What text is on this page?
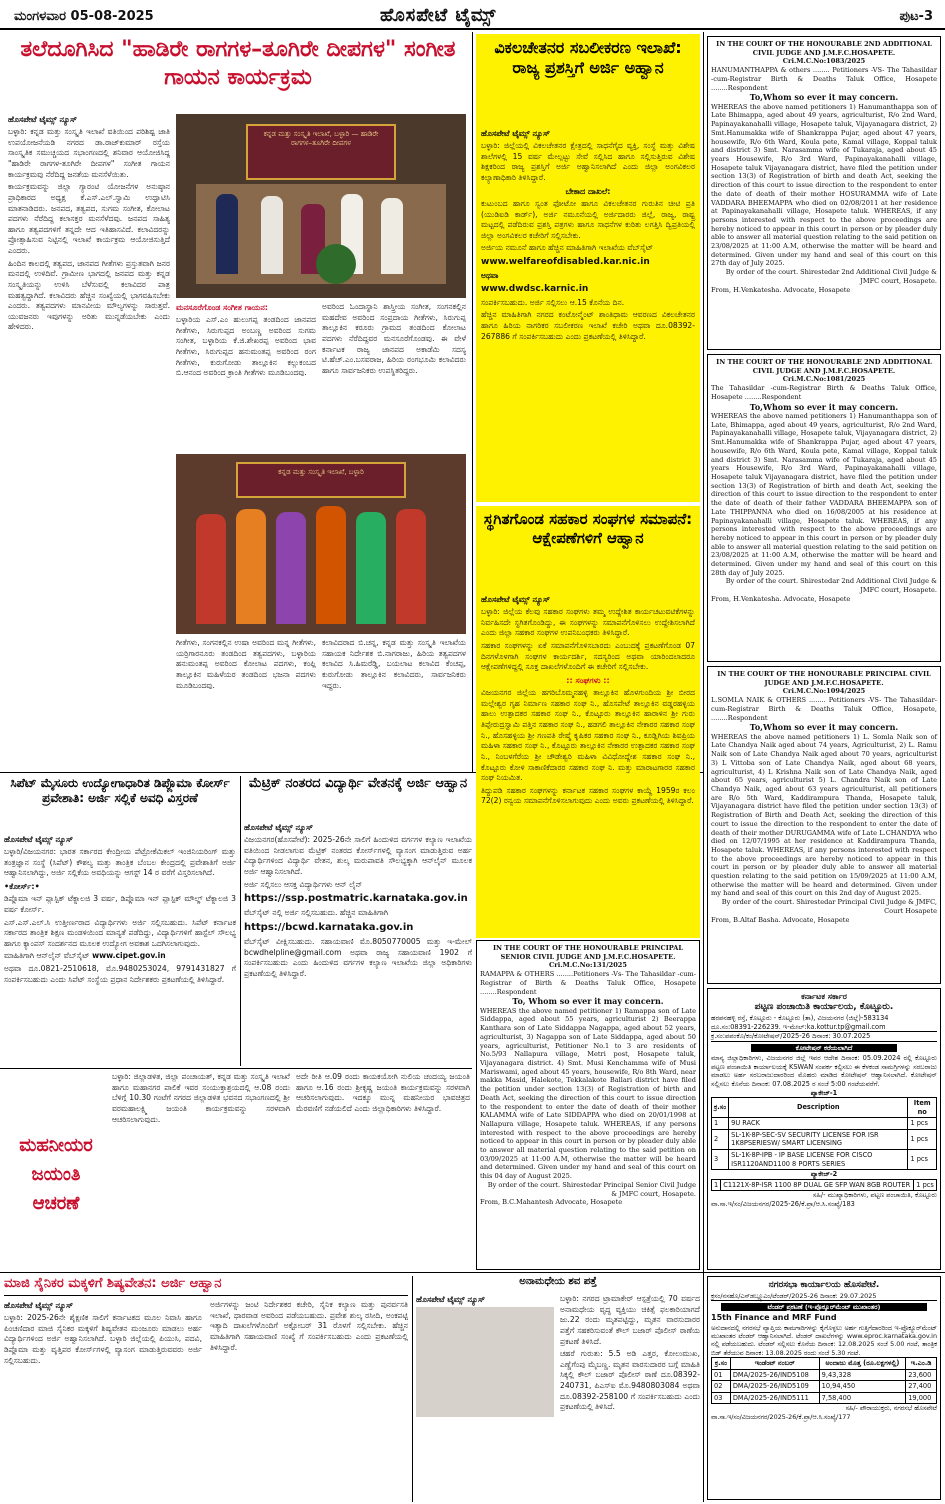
ಮಂಗಳವಾರ 05-08-2025	ಹೊಸಪೇಟೆ ಟೈಮ್ಸ್	ಪುಟ-3
ತಲೆದೂಗಿಸಿದ "ಹಾಡಿರೇ ರಾಗಗಳ–ತೂಗಿರೇ ದೀಪಗಳ" ಸಂಗೀತ ಗಾಯನ ಕಾರ್ಯಕ್ರಮ

ಹೊಸಪೇಟೆ ಟೈಮ್ಸ್ ನ್ಯೂಸ್

ಬಳ್ಳಾರಿ: ಕನ್ನಡ ಮತ್ತು ಸಂಸ್ಕೃತಿ ಇಲಾಖೆ ವತಿಯಿಂದ ಪರಿಶಿಷ್ಟ ಜಾತಿ ಉಪಯೋಜನೆಯಡಿ ನಗರದ ಡಾ.ರಾಜ್‌ಕುಮಾರ್ ರಸ್ತೆಯ ಸಾಂಸ್ಕೃತಿಕ ಸಮುಚ್ಚಯದ ಸಭಾಂಗಣದಲ್ಲಿ ಶನಿವಾರ ಆಯೋಜಿಸಿದ್ದ "ಹಾಡಿರೇ ರಾಗಗಳ-ತೂಗಿರೇ ದೀಪಗಳ" ಸಂಗೀತ ಗಾಯನ ಕಾರ್ಯಕ್ರಮವು ನೆರೆದಿದ್ದ ಜನತೆಯ ಮನಸೆಳೆಯಿತು.

ಕಾರ್ಯಕ್ರಮವನ್ನು ಜಿಲ್ಲಾ ಗ್ಯಾರಂಟಿ ಯೋಜನೆಗಳ ಅನುಷ್ಠಾನ ಪ್ರಾಧಿಕಾರದ ಅಧ್ಯಕ್ಷ ಕೆ.ಎಸ್.ಎಲ್.ಸ್ವಾಮಿ ಉದ್ಘಾಟಿಸಿ ಮಾತನಾಡಿದರು. ಜನಪದ, ತತ್ವಪದ, ಸುಗಮ ಸಂಗೀತ, ಕೋಲಾಟ ಪದಗಳು ನೆರೆದಿದ್ದ ಕಲಾಸಕ್ತರ ಮನಸೆಳೆದವು. ಜನಪದ ಸಾಹಿತ್ಯ ಹಾಗೂ ತತ್ವಪದಗಳಿಗೆ ತನ್ನದೇ ಆದ ಇತಿಹಾಸವಿದೆ. ಕಲಾವಿದರನ್ನು ಪ್ರೋತ್ಸಾಹಿಸುವ ನಿಟ್ಟಿನಲ್ಲಿ ಇಲಾಖೆ ಕಾರ್ಯಕ್ರಮ ಆಯೋಜಿಸುತ್ತಿದೆ ಎಂದರು.

ಹಿಂದಿನ ಕಾಲದಲ್ಲಿ ತತ್ವಪದ, ಜಾನಪದ ಗೀತೆಗಳು ಪ್ರಸ್ತುತವಾಗಿ ಜನರ ಮನದಲ್ಲಿ ಉಳಿದಿವೆ. ಗ್ರಾಮೀಣ ಭಾಗದಲ್ಲಿ ಜನಪದ ಮತ್ತು ಕನ್ನಡ ಸಂಸ್ಕೃತಿಯನ್ನು ಉಳಿಸಿ ಬೆಳೆಸುವಲ್ಲಿ ಕಲಾವಿದರ ಪಾತ್ರ ಮಹತ್ವದ್ದಾಗಿದೆ. ಕಲಾವಿದರು ಹೆಚ್ಚಿನ ಸಂಖ್ಯೆಯಲ್ಲಿ ಭಾಗವಹಿಸಬೇಕು ಎಂದರು. ತತ್ವಪದಗಳು ಮಾನವೀಯ ಮೌಲ್ಯಗಳನ್ನು ಸಾರುತ್ತವೆ. ಯುವಜನರು ಇವುಗಳನ್ನು ಅರಿತು ಮುನ್ನಡೆಯಬೇಕು ಎಂದು ಹೇಳಿದರು.

ಕನ್ನಡ ಮತ್ತು ಸಂಸ್ಕೃತಿ ಇಲಾಖೆ, ಬಳ್ಳಾರಿ — ಹಾಡಿರೇ ರಾಗಗಳ–ತೂಗಿರೇ ದೀಪಗಳ

ಮನಸೂರೆಗೊಂಡ ಸಂಗೀತ ಗಾಯನ:

ಬಳ್ಳಾರಿಯ ಎಸ್.ಎಂ ಹುಲುಗಪ್ಪ ತಂಡದಿಂದ ಜಾನಪದ ಗೀತೆಗಳು, ಸಿರುಗುಪ್ಪದ ಅಂಬಣ್ಣ ಅವರಿಂದ ಸುಗಮ ಸಂಗೀತ, ಬಳ್ಳಾರಿಯ ಕೆ.ಜಿ.ಶೇಖರಪ್ಪ ಅವರಿಂದ ಭಾವ ಗೀತೆಗಳು, ಸಿರುಗುಪ್ಪದ ಹನುಮಂತಪ್ಪ ಅವರಿಂದ ರಂಗ ಗೀತೆಗಳು, ಕುರುಗೋಡು ತಾಲ್ಲೂಕಿನ ಕಲ್ಲುಕಂಬದ ಬಿ.ಆನಂದ ಅವರಿಂದ ಕ್ರಾಂತಿ ಗೀತೆಗಳು ಮೂಡಿಬಂದವು.

ಅವರಿಂದ ಓಂದಾಸ್ಥಾನಿ ಶಾಸ್ತ್ರೀಯ ಸಂಗೀತ, ಸಂಗನಕಲ್ಲಿನ ಮಹದೇವ ಅವರಿಂದ ಸಂಪ್ರದಾಯ ಗೀತೆಗಳು, ಸಿರುಗುಪ್ಪ ತಾಲ್ಲೂಕಿನ ಕರೂರು ಗ್ರಾಮದ ತಂಡದಿಂದ ಕೋಲಾಟ ಪದಗಳು ನೆರೆದಿದ್ದವರ ಮನಸೂರೆಗೊಂಡವು. ಈ ವೇಳೆ ಕರ್ನಾಟಕ ರಾಜ್ಯ ಜಾನಪದ ಅಕಾಡೆಮಿ ಸದಸ್ಯ ಟಿ.ಹೆಚ್.ಎಂ.ಬಸವರಾಜ, ಹಿರಿಯ ರಂಗಭೂಮಿ ಕಲಾವಿದರು ಹಾಗೂ ಸಾರ್ವಜನಿಕರು ಉಪಸ್ಥಿತರಿದ್ದರು.

ಕನ್ನಡ ಮತ್ತು ಸಂಸ್ಕೃತಿ ಇಲಾಖೆ, ಬಳ್ಳಾರಿ

ಗೀತೆಗಳು, ಸಂಗನಕಲ್ಲಿನ ಉಷಾ ಅವರಿಂದ ಮನ್ನ ಗೀತೆಗಳು, ಯರ್ರಿಗಾರನೂರು ತಂಡದಿಂದ ತತ್ವಪದಗಳು, ಬಳ್ಳಾರಿಯ ಹನುಮಂತಪ್ಪ ಅವರಿಂದ ಕೋಲಾಟ ಪದಗಳು, ಕಂಪ್ಲಿ ತಾಲ್ಲೂಕಿನ ಮಹಿಳೆಯರ ತಂಡದಿಂದ ಭಜನಾ ಪದಗಳು ಮೂಡಿಬಂದವು.

ಕಲಾವಿದರಾದ ಬಿ.ಚನ್ನ, ಕನ್ನಡ ಮತ್ತು ಸಂಸ್ಕೃತಿ ಇಲಾಖೆಯ ಸಹಾಯಕ ನಿರ್ದೇಶಕ ಬಿ.ನಾಗರಾಜು, ಹಿರಿಯ ತತ್ವಪದಗಳ ಕಲಾವಿದ ಸಿ.ಹಿಮರೆಡ್ಡಿ, ಬಯಲಾಟ ಕಲಾವಿದ ಕೆಂಚಪ್ಪ, ಕುರುಗೋಡು ತಾಲ್ಲೂಕಿನ ಕಲಾವಿದರು, ಸಾರ್ವಜನಿಕರು ಇದ್ದರು.

ವಿಕಲಚೇತನರ ಸಬಲೀಕರಣ ಇಲಾಖೆ: ರಾಜ್ಯ ಪ್ರಶಸ್ತಿಗೆ ಅರ್ಜಿ ಅಹ್ವಾನ

ಹೊಸಪೇಟೆ ಟೈಮ್ಸ್ ನ್ಯೂಸ್

ಬಳ್ಳಾರಿ: ಜಿಲ್ಲೆಯಲ್ಲಿ ವಿಕಲಚೇತನರ ಕ್ಷೇತ್ರದಲ್ಲಿ ಸಾಧನೆಗೈದ ವ್ಯಕ್ತಿ, ಸಂಸ್ಥೆ ಮತ್ತು ವಿಶೇಷ ಶಾಲೆಗಳಲ್ಲಿ 15 ವರ್ಷ ಮೇಲ್ಪಟ್ಟು ಸೇವೆ ಸಲ್ಲಿಸಿದ ಹಾಗೂ ಸಲ್ಲಿಸುತ್ತಿರುವ ವಿಶೇಷ ಶಿಕ್ಷಕರಿಂದ ರಾಜ್ಯ ಪ್ರಶಸ್ತಿಗೆ ಅರ್ಜಿ ಅಹ್ವಾನಿಸಲಾಗಿದೆ ಎಂದು ಜಿಲ್ಲಾ ಅಂಗವಿಕಲರ ಕಲ್ಯಾಣಾಧಿಕಾರಿ ತಿಳಿಸಿದ್ದಾರೆ.

ಬೇಕಾದ ದಾಖಲೆ:

ಕುಟುಂಬದ ಹಾಗೂ ಸ್ವಂತ ಫೋಟೋ ಹಾಗೂ ವಿಕಲಚೇತನರ ಗುರುತಿನ ಚೀಟಿ ಪ್ರತಿ (ಯುಡಿಐಡಿ ಕಾರ್ಡ್), ಅರ್ಜಿ ನಮೂನೆಯಲ್ಲಿ ಅರ್ಜಿದಾರರು ಜಿಲ್ಲೆ, ರಾಜ್ಯ, ರಾಷ್ಟ್ರ ಮಟ್ಟದಲ್ಲಿ ಪಡೆದಿರುವ ಪ್ರಶಸ್ತಿ ಪತ್ರಗಳು ಹಾಗೂ ಸಾಧನೆಗಳ ಕುರಿತು ಲಗತ್ತಿಸಿ ದ್ವಿಪ್ರತಿಯಲ್ಲಿ ಜಿಲ್ಲಾ ಅಂಗವಿಕಲರ ಕಚೇರಿಗೆ ಸಲ್ಲಿಸಬೇಕು.

ಅರ್ಜಿಯ ನಮೂನೆ ಹಾಗೂ ಹೆಚ್ಚಿನ ಮಾಹಿತಿಗಾಗಿ ಇಲಾಖೆಯ ವೆಬ್‌ಸೈಟ್

www.welfareofdisabled.kar.nic.in

ಅಥವಾ

www.dwdsc.karnic.in

ಸಂಪರ್ಕಿಸಬಹುದು. ಅರ್ಜಿ ಸಲ್ಲಿಸಲು ಆ.15 ಕೊನೆಯ ದಿನ.

ಹೆಚ್ಚಿನ ಮಾಹಿತಿಗಾಗಿ ನಗರದ ಕಂಟೋನ್ಮೆಂಟ್ ಶಾಂತಿಧಾಮ ಆವರಣದ ವಿಕಲಚೇತನರ ಹಾಗೂ ಹಿರಿಯ ನಾಗರಿಕರ ಸಬಲೀಕರಣ ಇಲಾಖೆ ಕಚೇರಿ ಅಥವಾ ದೂ.08392-267886 ಗೆ ಸಂಪರ್ಕಿಸಬಹುದು ಎಂದು ಪ್ರಕಟಣೆಯಲ್ಲಿ ತಿಳಿಸಿದ್ದಾರೆ.

ಸ್ಥಗಿತಗೊಂಡ ಸಹಕಾರ ಸಂಘಗಳ ಸಮಾಪನೆ: ಆಕ್ಷೇಪಣೆಗಳಿಗೆ ಆಹ್ವಾನ

ಹೊಸಪೇಟೆ ಟೈಮ್ಸ್ ನ್ಯೂಸ್

ಬಳ್ಳಾರಿ: ಜಿಲ್ಲೆಯ ಕೆಲವು ಸಹಕಾರ ಸಂಘಗಳು ತಮ್ಮ ಉದ್ದೇಶಿತ ಕಾರ್ಯಚಟುವಟಿಕೆಗಳನ್ನು ನಿರ್ವಹಿಸದೇ ಸ್ಥಗಿತಗೊಂಡಿದ್ದು, ಈ ಸಂಘಗಳನ್ನು ಸಮಾಪನೆಗೊಳಿಸಲು ಉದ್ದೇಶಿಸಲಾಗಿದೆ ಎಂದು ಜಿಲ್ಲಾ ಸಹಕಾರ ಸಂಘಗಳ ಉಪನಿಬಂಧಕರು ತಿಳಿಸಿದ್ದಾರೆ.

ಸಹಕಾರ ಸಂಘಗಳನ್ನು ಏಕೆ ಸಮಾಪನೆಗೊಳಿಸಬಾರದು ಎಂಬುದಕ್ಕೆ ಪ್ರಕಟಣೆಗೊಂಡ 07 ದಿನಗಳೊಳಗಾಗಿ ಸಂಘಗಳ ಕಾರ್ಯದರ್ಶಿ, ಸದಸ್ಯರಿಂದ ಅಥವಾ ಯಾರಿಂದಲಾದರೂ ಆಕ್ಷೇಪಣೆಗಳಿದ್ದಲ್ಲಿ ಸೂಕ್ತ ದಾಖಲೆಗಳೊಂದಿಗೆ ಈ ಕಚೇರಿಗೆ ಸಲ್ಲಿಸಬೇಕು.

:: ಸಂಘಗಳು ::

ವಿಜಯನಗರ ಜಿಲ್ಲೆಯ ಹಗರಿಬೊಮ್ಮನಹಳ್ಳಿ ತಾಲ್ಲೂಕಿನ ಹೊಳಗುಂದಿಯ ಶ್ರೀ ಬೀರದ ಮಲ್ಲೇಶ್ವರ ಗೃಹ ನಿರ್ಮಾಣ ಸಹಕಾರ ಸಂಘ ನಿ., ಹೊಸಪೇಟೆ ತಾಲ್ಲೂಕಿನ ವಡ್ಡರಹಳ್ಳಿಯ ಹಾಲು ಉತ್ಪಾದಕರ ಸಹಕಾರ ಸಂಘ ನಿ., ಕೊಟ್ಟೂರು ತಾಲ್ಲೂಕಿನ ಹಾರಾಳಿನ ಶ್ರೀ ಗುರು ತಿಪ್ಪೇರುದ್ರಸ್ವಾಮಿ ಪತ್ತಿನ ಸಹಕಾರ ಸಂಘ ನಿ., ಹಡಗಲಿ ತಾಲ್ಲೂಕಿನ ನೇಕಾರರ ಸಹಕಾರ ಸಂಘ ನಿ., ಹೊಸಹಳ್ಳಿಯ ಶ್ರೀ ಗಣಪತಿ ರೇಷ್ಮೆ ಕೃಷಿಕರ ಸಹಕಾರ ಸಂಘ ನಿ., ಕೂಡ್ಲಿಗಿಯ ಶಿವಪ್ರಿಯ ಮಹಿಳಾ ಸಹಕಾರ ಸಂಘ ನಿ., ಕೊಟ್ಟೂರು ತಾಲ್ಲೂಕಿನ ನೇಕಾರರ ಉತ್ಪಾದಕರ ಸಹಕಾರ ಸಂಘ ನಿ., ನಿಂಬಳಗೆರೆಯ ಶ್ರೀ ಚೌಡೇಶ್ವರಿ ಮಹಿಳಾ ವಿವಿಧೋದ್ದೇಶ ಸಹಕಾರ ಸಂಘ ನಿ., ಕೊಟ್ಟೂರು ಕೋಳಿ ಸಾಕಾಣಿಕೆದಾರರ ಸಹಕಾರ ಸಂಘ ನಿ. ಮತ್ತು ಮಾರಾಟಗಾರರ ಸಹಕಾರ ಸಂಘ ನಿಯಮಿತ.

ತಿದ್ದುಪಡಿ ಸಹಕಾರ ಸಂಘಗಳನ್ನು ಕರ್ನಾಟಕ ಸಹಕಾರ ಸಂಘಗಳ ಕಾಯ್ದೆ 1959ರ ಕಲಂ 72(2) ರನ್ವಯ ಸಮಾಪನೆಗೊಳಿಸಲಾಗುವುದು ಎಂದು ಅವರು ಪ್ರಕಟಣೆಯಲ್ಲಿ ತಿಳಿಸಿದ್ದಾರೆ.

IN THE COURT OF THE HONOURABLE 2ND ADDITIONAL CIVIL JUDGE AND J.M.F.C.HOSAPETE.

Cri.M.C.No:1083/2025

HANUMANTHAPPA & others ........ Petitioners -VS- The Tahasildar -cum-Registrar Birth & Deaths Taluk Office, Hosapete ........Respondent

To,Whom so ever it may concern.

WHEREAS the above named petitioners 1) Hanumanthappa son of Late Bhimappa, aged about 49 years, agriculturist, R/o 2nd Ward, Papinayakanahalli village, Hosapete taluk, Vijayanagara district, 2) Smt.Hanumakka wife of Shankrappa Pujar, aged about 47 years, housewife, R/o 6th Ward, Koula pete, Kamal village, Koppal taluk and district 3) Smt. Narasamma wife of Tukaraja, aged about 45 years Housewife, R/o 3rd Ward, Papinayakanahalli village, Hosapete taluk Vijayanagara district, have filed the petition under section 13(3) of Registration of birth and death Act, seeking the direction of this court to issue direction to the respondent to enter the date of death of their mother HOSURAMMA wife of Late VADDARA BHEEMAPPA who died on 02/08/2011 at her residence at Papinayakanahalli village, Hosapete taluk. WHEREAS, if any persons interested with respect to the above proceedings are hereby noticed to appear in this court in person or by pleader duly able to answer all material question relating to the said petition on 23/08/2025 at 11:00 A.M, otherwise the matter will be heard and determined. Given under my hand and seal of this court on this 27th day of July 2025.

By order of the court. Shirestedar 2nd Additional Civil Judge & JMFC court, Hosapete.

From, H.Venkatesha. Advocate, Hosapete

IN THE COURT OF THE HONOURABLE 2ND ADDITIONAL CIVIL JUDGE AND J.M.F.C.HOSAPETE.

Cri.M.C.No:1081/2025

The Tahasildar -cum-Registrar Birth & Deaths Taluk Office, Hosapete ........Respondent

To,Whom so ever it may concern.

WHEREAS the above named petitioners 1) Hanumanthappa son of Late, Bhimappa, aged about 49 years, agriculturist, R/o 2nd Ward, Papinayakanahalli village, Hosapete taluk, Vijayanagara district, 2) Smt.Hanumakka wife of Shankrappa Pujar, aged about 47 years, housewife, R/o 6th Ward, Koula pete, Kamal village, Koppal taluk and district 3) Smt. Narasamma wife of Tukaraja, aged about 45 years Housewife, R/o 3rd Ward, Papinayakanahalli village, Hosapete taluk Vijayanagara district, have filed the petition under section 13(3) of Registration of birth and death Act, seeking the direction of this court to issue direction to the respondent to enter the date of death of their father VADDARA BHEEMAPPA son of Late THIPPANNA who died on 16/08/2005 at his residence at Papinayakanahalli village, Hosapete taluk. WHEREAS, if any persons interested with respect to the above proceedings are hereby noticed to appear in this court in person or by pleader duly able to answer all material question relating to the said petition on 23/08/2025 at 11:00 A.M, otherwise the matter will be heard and determined. Given under my hand and seal of this court on this 28th day of July 2025.

By order of the court. Shirestedar 2nd Additional Civil Judge & JMFC court, Hosapete.

From, H.Venkatesha. Advocate, Hosapete

IN THE COURT OF THE HONOURABLE PRINCIPAL CIVIL JUDGE AND J.M.F.C.HOSAPETE.

Cri.M.C.No:1094/2025

L.SOMLA NAIK & OTHERS ........ Petitioners -VS- The Tahasildar-cum-Registrar Birth & Deaths Taluk Office, Hosapete, ........Respondent

To,Whom so ever it may concern.

WHEREAS the above named petitioners 1) L. Somla Naik son of Late Chandya Naik aged about 74 years, Agriculturist, 2) L. Ramu Naik son of Late Chandya Naik aged about 70 years, agriculturist 3) L Vittoba son of Late Chandya Naik, aged about 68 years, agriculturist, 4) L Krishna Naik son of Late Chandya Naik, aged about 65 years, agriculturist 5) L. Chandra Naik son of Late Chandya Naik, aged about 63 years agriculturist, all petitioners are R/o 5th Ward, Kaddirampura Thanda, Hosapete taluk, Vijayanagara district have filed the petition under section 13(3) of Registration of Birth and Death Act, seeking the direction of this court to issue the direction to the respondent to enter the date of death of their mother DURUGAMMA wife of Late L.CHANDYA who died on 12/07/1995 at her residence at Kaddirampura Thanda, Hosapete taluk. WHEREAS, if any persons interested with respect to the above proceedings are hereby noticed to appear in this court in person or by pleader duly able to answer all material question relating to the said petition on 15/09/2025 at 11:00 A.M, otherwise the matter will be heard and determined. Given under my hand and seal of this court on this 2nd day of August 2025.

By order of the court. Shirestedar Principal Civil Judge & JMFC, Court Hosapete

From, B.Altaf Basha. Advocate, Hosapete

ಸಿಪೆಟ್ ಮೈಸೂರು ಉದ್ಯೋಗಾಧಾರಿತ ಡಿಪ್ಲೊಮಾ ಕೋರ್ಸ್ ಪ್ರವೇಶಾತಿ: ಅರ್ಜಿ ಸಲ್ಲಿಕೆ ಅವಧಿ ವಿಸ್ತರಣೆ

ಹೊಸಪೇಟೆ ಟೈಮ್ಸ್ ನ್ಯೂಸ್

ಬಳ್ಳಾರಿ/ವಿಜಯನಗರ: ಭಾರತ ಸರ್ಕಾರದ ಕೇಂದ್ರೀಯ ಪೆಟ್ರೋಕೆಮಿಕಲ್ ಇಂಜಿನಿಯರಿಂಗ್ ಮತ್ತು ತಂತ್ರಜ್ಞಾನ ಸಂಸ್ಥೆ (ಸಿಪೆಟ್) ಕೌಶಲ್ಯ ಮತ್ತು ತಾಂತ್ರಿಕ ಬೆಂಬಲ ಕೇಂದ್ರದಲ್ಲಿ ಪ್ರವೇಶಾತಿಗೆ ಅರ್ಜಿ ಆಹ್ವಾನಿಸಲಾಗಿದ್ದು, ಅರ್ಜಿ ಸಲ್ಲಿಕೆಯ ಅವಧಿಯನ್ನು ಆಗಸ್ಟ್ 14 ರ ವರೆಗೆ ವಿಸ್ತರಿಸಲಾಗಿದೆ.

•ಕೋರ್ಸ್:•

ಡಿಪ್ಲೊಮಾ ಇನ್ ಪ್ಲಾಸ್ಟಿಕ್ ಟೆಕ್ನಾಲಜಿ 3 ವರ್ಷ, ಡಿಪ್ಲೊಮಾ ಇನ್ ಪ್ಲಾಸ್ಟಿಕ್ ಮೌಲ್ಡ್ ಟೆಕ್ನಾಲಜಿ 3 ವರ್ಷ ಕೋರ್ಸ್.

ಎಸ್.ಎಸ್.ಎಲ್.ಸಿ ಉತ್ತೀರ್ಣರಾದ ವಿದ್ಯಾರ್ಥಿಗಳು ಅರ್ಜಿ ಸಲ್ಲಿಸಬಹುದು. ಸಿಪೆಟ್ ಕರ್ನಾಟಕ ಸರ್ಕಾರದ ತಾಂತ್ರಿಕ ಶಿಕ್ಷಣ ಮಂಡಳಿಯಿಂದ ಮಾನ್ಯತೆ ಪಡೆದಿದ್ದು, ವಿದ್ಯಾರ್ಥಿಗಳಿಗೆ ಹಾಸ್ಟೆಲ್ ಸೌಲಭ್ಯ ಹಾಗೂ ಕ್ಯಾಂಪಸ್ ಸಂದರ್ಶನದ ಮೂಲಕ ಉದ್ಯೋಗ ಅವಕಾಶ ಒದಗಿಸಲಾಗುವುದು.

ಮಾಹಿತಿಗಾಗಿ ಆನ್‌ಲೈನ್ ವೆಬ್‌ಸೈಟ್ www.cipet.gov.in

ಅಥವಾ ದೂ.0821-2510618, ಮೊ.9480253024, 9791431827 ಗೆ ಸಂಪರ್ಕಿಸಬಹುದು ಎಂದು ಸಿಪೆಟ್ ಸಂಸ್ಥೆಯ ಪ್ರಧಾನ ನಿರ್ದೇಶಕರು ಪ್ರಕಟಣೆಯಲ್ಲಿ ತಿಳಿಸಿದ್ದಾರೆ.

ಮೆಟ್ರಿಕ್ ನಂತರದ ವಿದ್ಯಾರ್ಥಿ ವೇತನಕ್ಕೆ ಅರ್ಜಿ ಆಹ್ವಾನ

ಹೊಸಪೇಟೆ ಟೈಮ್ಸ್ ನ್ಯೂಸ್

ವಿಜಯನಗರ(ಹೊಸಪೇಟೆ): 2025-26ನೇ ಸಾಲಿಗೆ ಹಿಂದುಳಿದ ವರ್ಗಗಳ ಕಲ್ಯಾಣ ಇಲಾಖೆಯ ವತಿಯಿಂದ ನೀಡಲಾಗುವ ಮೆಟ್ರಿಕ್ ನಂತರದ ಕೋರ್ಸ್‌ಗಳಲ್ಲಿ ವ್ಯಾಸಂಗ ಮಾಡುತ್ತಿರುವ ಅರ್ಹ ವಿದ್ಯಾರ್ಥಿಗಳಿಂದ ವಿದ್ಯಾರ್ಥಿ ವೇತನ, ಶುಲ್ಕ ಮರುಪಾವತಿ ಸೌಲಭ್ಯಕ್ಕಾಗಿ ಆನ್‌ಲೈನ್ ಮೂಲಕ ಅರ್ಜಿ ಆಹ್ವಾನಿಸಲಾಗಿದೆ.

ಅರ್ಜಿ ಸಲ್ಲಿಸಲು ಆಸಕ್ತ ವಿದ್ಯಾರ್ಥಿಗಳು ಆನ್ ಲೈನ್

https://ssp.postmatric.karnataka.gov.in

ವೆಬ್‌ಸೈಟ್ ನಲ್ಲಿ ಅರ್ಜಿ ಸಲ್ಲಿಸಬಹುದು. ಹೆಚ್ಚಿನ ಮಾಹಿತಿಗಾಗಿ

https://bcwd.karnataka.gov.in

ವೆಬ್‌ಸೈಟ್ ವೀಕ್ಷಿಸಬಹುದು. ಸಹಾಯವಾಣಿ ಮೊ.8050770005 ಮತ್ತು ಇ-ಮೇಲ್ bcwdhelpline@gmail.com ಅಥವಾ ರಾಜ್ಯ ಸಹಾಯವಾಣಿ 1902 ಗೆ ಸಂಪರ್ಕಿಸಬಹುದು ಎಂದು ಹಿಂದುಳಿದ ವರ್ಗಗಳ ಕಲ್ಯಾಣ ಇಲಾಖೆಯ ಜಿಲ್ಲಾ ಅಧಿಕಾರಿಗಳು ಪ್ರಕಟಣೆಯಲ್ಲಿ ತಿಳಿಸಿದ್ದಾರೆ.

ಮಹನೀಯರ ಜಯಂತಿ ಆಚರಣೆ

ಬಳ್ಳಾರಿ: ಜಿಲ್ಲಾಡಳಿತ, ಜಿಲ್ಲಾ ಪಂಚಾಯತ್, ಕನ್ನಡ ಮತ್ತು ಸಂಸ್ಕೃತಿ ಇಲಾಖೆ ಹಾಗೂ ಮಹಾನಗರ ಪಾಲಿಕೆ ಇವರ ಸಂಯುಕ್ತಾಶ್ರಯದಲ್ಲಿ ಆ.08 ರಂದು ಬೆಳಿಗ್ಗೆ 10.30 ಗಂಟೆಗೆ ನಗರದ ಜಿಲ್ಲಾಡಳಿತ ಭವನದ ಸಭಾಂಗಣದಲ್ಲಿ ಶ್ರೀ ವರಮಹಾಲಕ್ಷ್ಮಿ ಜಯಂತಿ ಕಾರ್ಯಕ್ರಮವನ್ನು ಸರಳವಾಗಿ ಆಚರಿಸಲಾಗುವುದು.

ಅದೇ ರೀತಿ ಆ.09 ರಂದು ಕಾಯಕಯೋಗಿ ನುಲಿಯ ಚಂದಯ್ಯ ಜಯಂತಿ ಹಾಗೂ ಆ.16 ರಂದು ಶ್ರೀಕೃಷ್ಣ ಜಯಂತಿ ಕಾರ್ಯಕ್ರಮವನ್ನು ಸರಳವಾಗಿ ಆಚರಿಸಲಾಗುವುದು. ಇದಕ್ಕೂ ಮುನ್ನ ಮಹನೀಯರ ಭಾವಚಿತ್ರದ ಮೆರವಣಿಗೆ ನಡೆಯಲಿದೆ ಎಂದು ಜಿಲ್ಲಾಧಿಕಾರಿಗಳು ತಿಳಿಸಿದ್ದಾರೆ.

IN THE COURT OF THE HONOURABLE PRINCIPAL SENIOR CIVIL JUDGE AND J.M.F.C.HOSAPETE.

Cri.M.C.No:131/2025

RAMAPPA & OTHERS ........Petitioners -Vs- The Tahasildar -cum-Registrar of Birth & Deaths Taluk Office, Hosapete ........Respondent

To, Whom so ever it may concern.

WHEREAS the above named petitioner 1) Ramappa son of Late Siddappa, aged about 55 years, agriculturist 2) Beerappa Kanthara son of Late Siddappa Nagappa, aged about 52 years, agriculturist, 3) Nagappa son of Late Siddappa, aged about 50 years, agriculturist, Petitioner No.1 to 3 are residents of No.5/93 Nallapura village, Metri post, Hosapete taluk, Vijayanagara district. 4) Smt. Musi Kenchamma wife of Musi Mariswami, aged about 45 years, housewife, R/o 8th Ward, near makka Masid, Halekote, Tekkalakote Ballari district have filed the petition under section 13(3) of Registration of birth and Death Act, seeking the direction of this court to issue direction to the respondent to enter the date of death of their mother KALAMMA wife of Late SIDDAPPA who died on 20/01/1998 at Nallapura village, Hosapete taluk. WHEREAS, if any persons interested with respect to the above proceedings are hereby noticed to appear in this court in person or by pleader duly able to answer all material question relating to the said petition on 03/09/2025 at 11:00 A.M, otherwise the matter will be heard and determined. Given under my hand and seal of this court on this 04 day of August 2025.

By order of the court. Shirestedar Principal Senior Civil Judge & JMFC court, Hosapete.

From, B.C.Mahantesh Advocate, Hosapete

ಕರ್ನಾಟಕ ಸರ್ಕಾರ

ಪಟ್ಟಣ ಪಂಚಾಯಿತಿ ಕಾರ್ಯಾಲಯ, ಕೊಟ್ಟೂರು.

ಹರಪನಹಳ್ಳಿ ರಸ್ತೆ, ಕೊಟ್ಟೂರು - ಕೊಟ್ಟೂರು (ತಾ), ವಿಜಯನಗರ (ಜಿಲ್ಲೆ)-583134

ದೂ.ಸಂ:08391-226239. ಇ-ಮೇಲ್:ka.kottur.tp@gmail.com

ಕ್ರ.ಸಂ:ಪಪಂಕೊ/ಕಂ/ಕೋಟೇಷನ್/2025-26 ದಿನಾಂಕ: 30.07.2025

ಕೋಟೇಷನ್ ಕರೆಯಲಾಗಿದೆ

ಮಾನ್ಯ ಜಿಲ್ಲಾಧಿಕಾರಿಗಳು, ವಿಜಯನಗರ ಜಿಲ್ಲೆ ಇವರ ಆದೇಶ ದಿನಾಂಕ: 05.09.2024 ರಲ್ಲಿ ಕೊಟ್ಟೂರು ಪಟ್ಟಣ ಪಂಚಾಯಿತಿ ಕಾರ್ಯಾಲಯಕ್ಕೆ KSWAN ಸಂಪರ್ಕ ಕಲ್ಪಿಸಲು ಈ ಕೆಳಕಂಡ ಸಾಮಗ್ರಿಗಳನ್ನು ಸರಬರಾಜು ಮಾಡಲು ಅರ್ಹ ಸರಬರಾಜುದಾರರಿಂದ ಮೊಹರು ಮಾಡಿದ ಕೋಟೇಷನ್ ಆಹ್ವಾನಿಸಲಾಗಿದೆ. ಕೋಟೇಷನ್ ಸಲ್ಲಿಸಲು ಕೊನೆಯ ದಿನಾಂಕ: 07.08.2025 ರ ಸಂಜೆ 5:00 ಗಂಟೆಯವರೆಗೆ.

ಪ್ಯಾಕೇಜ್-1

ಕ್ರ.ಸಂ	Description	Item no
1	9U RACK	1 pcs
2	SL-1K-8P-SEC-SV SECURITY LICENSE FOR ISR 1K8PSERIESW/ SMART LICENSING	1 pcs
3	SL-1K-8P-IPB - IP BASE LICENSE FOR CISCO ISR1120AND1100 8 PORTS SERIES	1 pcs

ಪ್ಯಾಕೇಜ್-2

1	C1121X-8P-ISR 1100 8P DUAL GE SFP WAN 8GB ROUTER	1 pcs

ಸಹಿ/- ಮುಖ್ಯಾಧಿಕಾರಿಗಳು, ಪಟ್ಟಣ ಪಂಚಾಯಿತಿ, ಕೊಟ್ಟೂರು

ವಾ.ಸಾ.ಇ/ಸಂ/ವಿಜಯನಗರ/2025-26/ಕೆ.ಪ್ರಾ/ಆ.ಸಿ.ಸಂಖ್ಯೆ/183

ಮಾಜಿ ಸೈನಿಕರ ಮಕ್ಕಳಿಗೆ ಶಿಷ್ಯವೇತನ: ಅರ್ಜಿ ಆಹ್ವಾನ

ಹೊಸಪೇಟೆ ಟೈಮ್ಸ್ ನ್ಯೂಸ್

ಬಳ್ಳಾರಿ: 2025-26ನೇ ಶೈಕ್ಷಣಿಕ ಸಾಲಿಗೆ ಕರ್ನಾಟಕದ ಮೂಲ ನಿವಾಸಿ ಹಾಗೂ ಪಿಂಚಣಿದಾರ ಮಾಜಿ ಸೈನಿಕರ ಮಕ್ಕಳಿಗೆ ಶಿಷ್ಯವೇತನ ಮಂಜೂರು ಮಾಡಲು ಅರ್ಹ ವಿದ್ಯಾರ್ಥಿಗಳಿಂದ ಅರ್ಜಿ ಅಹ್ವಾನಿಸಲಾಗಿದೆ. ಬಳ್ಳಾರಿ ಜಿಲ್ಲೆಯಲ್ಲಿ ಪಿಯುಸಿ, ಪದವಿ, ಡಿಪ್ಲೊಮಾ ಮತ್ತು ವೃತ್ತಿಪರ ಕೋರ್ಸ್‌ಗಳಲ್ಲಿ ವ್ಯಾಸಂಗ ಮಾಡುತ್ತಿರುವವರು ಅರ್ಜಿ ಸಲ್ಲಿಸಬಹುದು.

ಅರ್ಜಿಗಳನ್ನು ಜಂಟಿ ನಿರ್ದೇಶಕರ ಕಚೇರಿ, ಸೈನಿಕ ಕಲ್ಯಾಣ ಮತ್ತು ಪುನರ್ವಸತಿ ಇಲಾಖೆ, ಧಾರವಾಡ ಅವರಿಂದ ಪಡೆಯಬಹುದು. ಪ್ರವೇಶ ಶುಲ್ಕ ರಸೀದಿ, ಅಂಕಪಟ್ಟಿ ಇತ್ಯಾದಿ ದಾಖಲೆಗಳೊಂದಿಗೆ ಅಕ್ಟೋಬರ್ 31 ರೊಳಗೆ ಸಲ್ಲಿಸಬೇಕು. ಹೆಚ್ಚಿನ ಮಾಹಿತಿಗಾಗಿ ಸಹಾಯವಾಣಿ ಸಂಖ್ಯೆ ಗೆ ಸಂಪರ್ಕಿಸಬಹುದು ಎಂದು ಪ್ರಕಟಣೆಯಲ್ಲಿ ತಿಳಿಸಿದ್ದಾರೆ.

ಅನಾಮಧೇಯ ಶವ ಪತ್ತೆ

ಹೊಸಪೇಟೆ ಟೈಮ್ಸ್ ನ್ಯೂಸ್	ಬಳ್ಳಾರಿ: ನಗರದ ಟ್ರಾಮಾಕೇರ್ ಆಸ್ಪತ್ರೆಯಲ್ಲಿ 70 ವರ್ಷದ ಅನಾಮಧೇಯ ವೃದ್ಧ ವ್ಯಕ್ತಿಯು ಚಿಕಿತ್ಸೆ ಫಲಕಾರಿಯಾಗದೆ ಜು.22 ರಂದು ಮೃತಪಟ್ಟಿದ್ದು, ಮೃತನ ವಾರಸುದಾರರ ಪತ್ತೆಗೆ ಸಹಕರಿಸುವಂತೆ ಕೌಲ್ ಬಜಾರ್ ಪೊಲೀಸ್ ಠಾಣೆಯ ಪ್ರಕಟಣೆ ತಿಳಿಸಿದೆ.

ಚಹರೆ ಗುರುತು: 5.5 ಅಡಿ ಎತ್ತರ, ಕೋಲುಮುಖ, ಎಣ್ಣೆಗೆಂಪು ಮೈಬಣ್ಣ. ಮೃತನ ವಾರಸುದಾರರ ಬಗ್ಗೆ ಮಾಹಿತಿ ಸಿಕ್ಕಲ್ಲಿ ಕೌಲ್ ಬಜಾರ್ ಪೊಲೀಸ್ ಠಾಣೆ ದೂ.08392-240731, ಪಿಎಸ್‌ಐ ಮೊ.9480803084 ಅಥವಾ ದೂ.08392-258100 ಗೆ ಸಂಪರ್ಕಿಸಬಹುದು ಎಂದು ಪ್ರಕಟಣೆಯಲ್ಲಿ ತಿಳಿಸಿದೆ.

ನಗರಸಭಾ ಕಾರ್ಯಾಲಯ ಹೊಸಪೇಟೆ.

ಕ್ರಸಂ/ನಸಹೊ/ಎಸ್‌ಡಬ್ಲ್ಯೂಎಂ/ಟೆಂಡರ್/2025-26 ದಿನಾಂಕ: 29.07.2025

ಟೆಂಡರ್ ಪ್ರಕಟಣೆ (ಇ-ಪ್ರೊಕ್ಯೂರ್‌ಮೆಂಟ್ ಮುಖಾಂತರ)

15th Finance and MRF Fund

ಅನುದಾನದಲ್ಲಿ ನಗರಸಭೆ ವ್ಯಾಪ್ತಿಯ ಕಾಮಗಾರಿಗಳನ್ನು ಕೈಗೊಳ್ಳಲು ಅರ್ಹ ಗುತ್ತಿಗೆದಾರರಿಂದ ಇ-ಪ್ರೊಕ್ಯೂರ್‌ಮೆಂಟ್ ಮುಖಾಂತರ ಟೆಂಡರ್ ಆಹ್ವಾನಿಸಲಾಗಿದೆ. ಟೆಂಡರ್ ದಾಖಲೆಗಳನ್ನು www.eproc.karnataka.gov.in ನಲ್ಲಿ ಪಡೆಯಬಹುದು. ಟೆಂಡರ್ ಸಲ್ಲಿಸಲು ಕೊನೆಯ ದಿನಾಂಕ: 12.08.2025 ಸಂಜೆ 5.00 ಗಂಟೆ, ತಾಂತ್ರಿಕ ಬಿಡ್ ತೆರೆಯುವ ದಿನಾಂಕ: 13.08.2025 ರಂದು ಸಂಜೆ 5.30 ಗಂಟೆ.

ಕ್ರ.ಸಂ	ಇಂಡೆಂಟ್ ನಂಬರ್	ಅಂದಾಜು ಮೊತ್ತ (ರೂ.ಲಕ್ಷಗಳಲ್ಲಿ)	ಇ.ಎಂ.ಡಿ
01	DMA/2025-26/IND5108	9,43,328	23,600
02	DMA/2025-26/IND5109	10,94,450	27,400
03	DMA/2025-26/IND5111	7,58,400	19,000

ಸಹಿ/- ಪೌರಾಯುಕ್ತರು, ನಗರಸಭೆ ಹೊಸಪೇಟೆ

ವಾ.ಸಾ.ಇ/ಸಂ/ವಿಜಯನಗರ/2025-26/ಕೆ.ಪ್ರಾ/ಆ.ಸಿ.ಸಂಖ್ಯೆ/177
